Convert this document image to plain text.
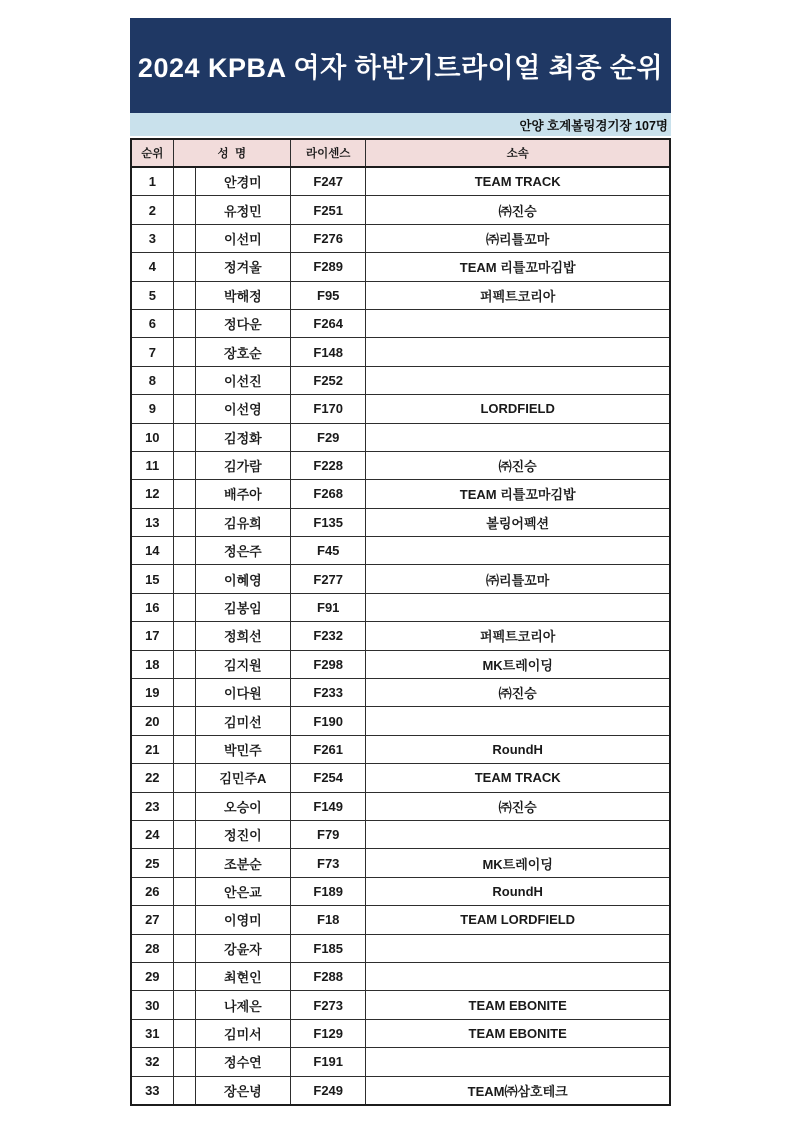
2024 KPBA 여자 하반기트라이얼 최종 순위
안양 호계볼링경기장 107명
순위	성  명		라이센스	소속
1		안경미	F247	TEAM TRACK
2		유정민	F251	㈜진승
3		이선미	F276	㈜리틀꼬마
4		정겨울	F289	TEAM 리틀꼬마김밥
5		박해정	F95	퍼펙트코리아
6		정다운	F264	
7		장호순	F148	
8		이선진	F252	
9		이선영	F170	LORDFIELD
10		김정화	F29	
11		김가람	F228	㈜진승
12		배주아	F268	TEAM 리틀꼬마김밥
13		김유희	F135	볼링어펙션
14		정은주	F45	
15		이혜영	F277	㈜리틀꼬마
16		김봉임	F91	
17		정희선	F232	퍼펙트코리아
18		김지원	F298	MK트레이딩
19		이다원	F233	㈜진승
20		김미선	F190	
21		박민주	F261	RoundH
22		김민주A	F254	TEAM TRACK
23		오승이	F149	㈜진승
24		정진이	F79	
25		조분순	F73	MK트레이딩
26		안은교	F189	RoundH
27		이영미	F18	TEAM LORDFIELD
28		강윤자	F185	
29		최현인	F288	
30		나제은	F273	TEAM EBONITE
31		김미서	F129	TEAM EBONITE
32		정수연	F191	
33		장은녕	F249	TEAM㈜삼호테크
